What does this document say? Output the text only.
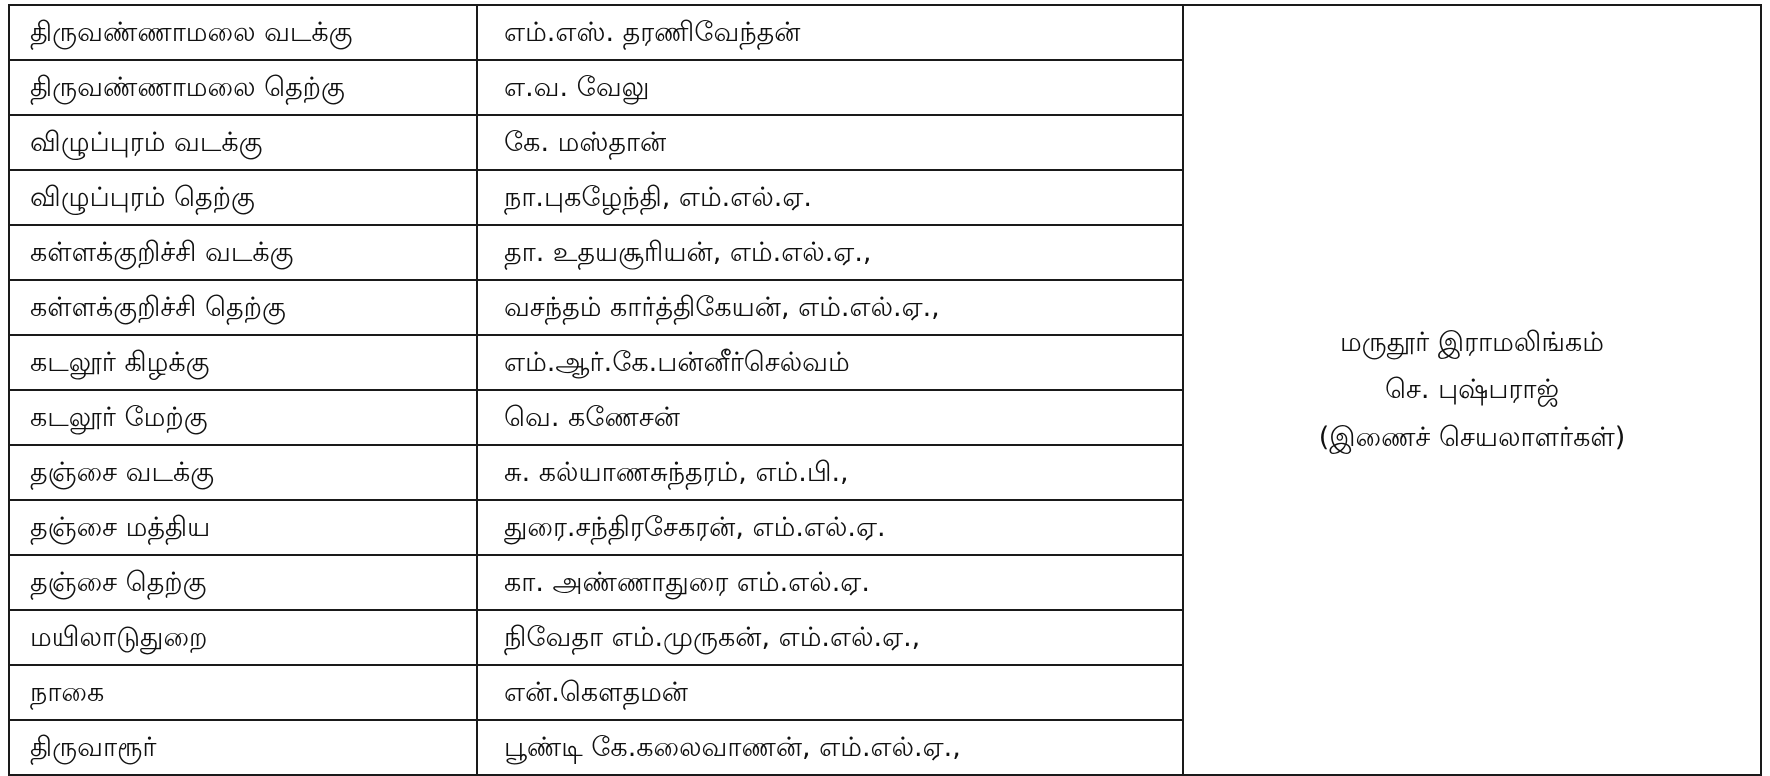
திருவண்ணாமலை வடக்கு	எம்.எஸ். தரணிவேந்தன்	மருதூர் இராமலிங்கம்
செ. புஷ்பராஜ்
(இணைச் செயலாளர்கள்)

திருவண்ணாமலை தெற்கு	எ.வ. வேலு	
விழுப்புரம் வடக்கு	கே. மஸ்தான்	
விழுப்புரம் தெற்கு	நா.புகழேந்தி, எம்.எல்.ஏ.	
கள்ளக்குறிச்சி வடக்கு	தா. உதயசூரியன், எம்.எல்.ஏ.,	
கள்ளக்குறிச்சி தெற்கு	வசந்தம் கார்த்திகேயன், எம்.எல்.ஏ.,	
கடலூர் கிழக்கு	எம்.ஆர்.கே.பன்னீர்செல்வம்	
கடலூர் மேற்கு	வெ. கணேசன்	
தஞ்சை வடக்கு	சு. கல்யாணசுந்தரம், எம்.பி.,	
தஞ்சை மத்திய	துரை.சந்திரசேகரன், எம்.எல்.ஏ.	
தஞ்சை தெற்கு	கா. அண்ணாதுரை எம்.எல்.ஏ.	
மயிலாடுதுறை	நிவேதா எம்.முருகன், எம்.எல்.ஏ.,	
நாகை	என்.கௌதமன்	
திருவாரூர்	பூண்டி கே.கலைவாணன், எம்.எல்.ஏ.,	
